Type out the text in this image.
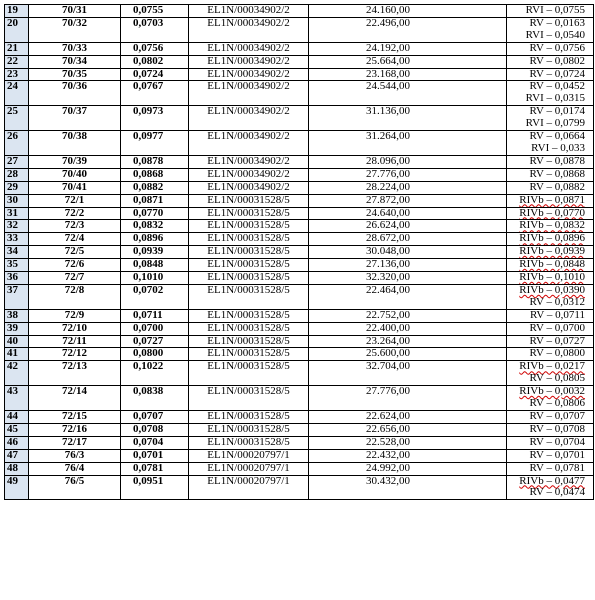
19	70/31	0,0755	EL1N/00034902/2	24.160,00	RVI – 0,0755

20	70/32	0,0703	EL1N/00034902/2	22.496,00	RV – 0,0163
RVI – 0,0540

21	70/33	0,0756	EL1N/00034902/2	24.192,00	RV – 0,0756

22	70/34	0,0802	EL1N/00034902/2	25.664,00	RV – 0,0802

23	70/35	0,0724	EL1N/00034902/2	23.168,00	RV – 0,0724

24	70/36	0,0767	EL1N/00034902/2	24.544,00	RV – 0,0452
RVI – 0,0315

25	70/37	0,0973	EL1N/00034902/2	31.136,00	RV – 0,0174
RVI – 0,0799

26	70/38	0,0977	EL1N/00034902/2	31.264,00	RV – 0,0664
RVI – 0,033

27	70/39	0,0878	EL1N/00034902/2	28.096,00	RV – 0,0878

28	70/40	0,0868	EL1N/00034902/2	27.776,00	RV – 0,0868

29	70/41	0,0882	EL1N/00034902/2	28.224,00	RV – 0,0882

30	72/1	0,0871	EL1N/00031528/5	27.872,00	RIVb – 0,0871

31	72/2	0,0770	EL1N/00031528/5	24.640,00	RIVb – 0,0770

32	72/3	0,0832	EL1N/00031528/5	26.624,00	RIVb – 0,0832

33	72/4	0,0896	EL1N/00031528/5	28.672,00	RIVb – 0,0896

34	72/5	0,0939	EL1N/00031528/5	30.048,00	RIVb – 0,0939

35	72/6	0,0848	EL1N/00031528/5	27.136,00	RIVb – 0,0848

36	72/7	0,1010	EL1N/00031528/5	32.320,00	RIVb – 0,1010

37	72/8	0,0702	EL1N/00031528/5	22.464,00	RIVb – 0,0390
RV – 0,0312

38	72/9	0,0711	EL1N/00031528/5	22.752,00	RV – 0,0711

39	72/10	0,0700	EL1N/00031528/5	22.400,00	RV – 0,0700

40	72/11	0,0727	EL1N/00031528/5	23.264,00	RV – 0,0727

41	72/12	0,0800	EL1N/00031528/5	25.600,00	RV – 0,0800

42	72/13	0,1022	EL1N/00031528/5	32.704,00	RIVb – 0,0217
RV – 0,0805

43	72/14	0,0838	EL1N/00031528/5	27.776,00	RIVb – 0,0032
RV – 0,0806

44	72/15	0,0707	EL1N/00031528/5	22.624,00	RV – 0,0707

45	72/16	0,0708	EL1N/00031528/5	22.656,00	RV – 0,0708

46	72/17	0,0704	EL1N/00031528/5	22.528,00	RV – 0,0704

47	76/3	0,0701	EL1N/00020797/1	22.432,00	RV – 0,0701

48	76/4	0,0781	EL1N/00020797/1	24.992,00	RV – 0,0781

49	76/5	0,0951	EL1N/00020797/1	30.432,00	RIVb – 0,0477
RV – 0,0474
